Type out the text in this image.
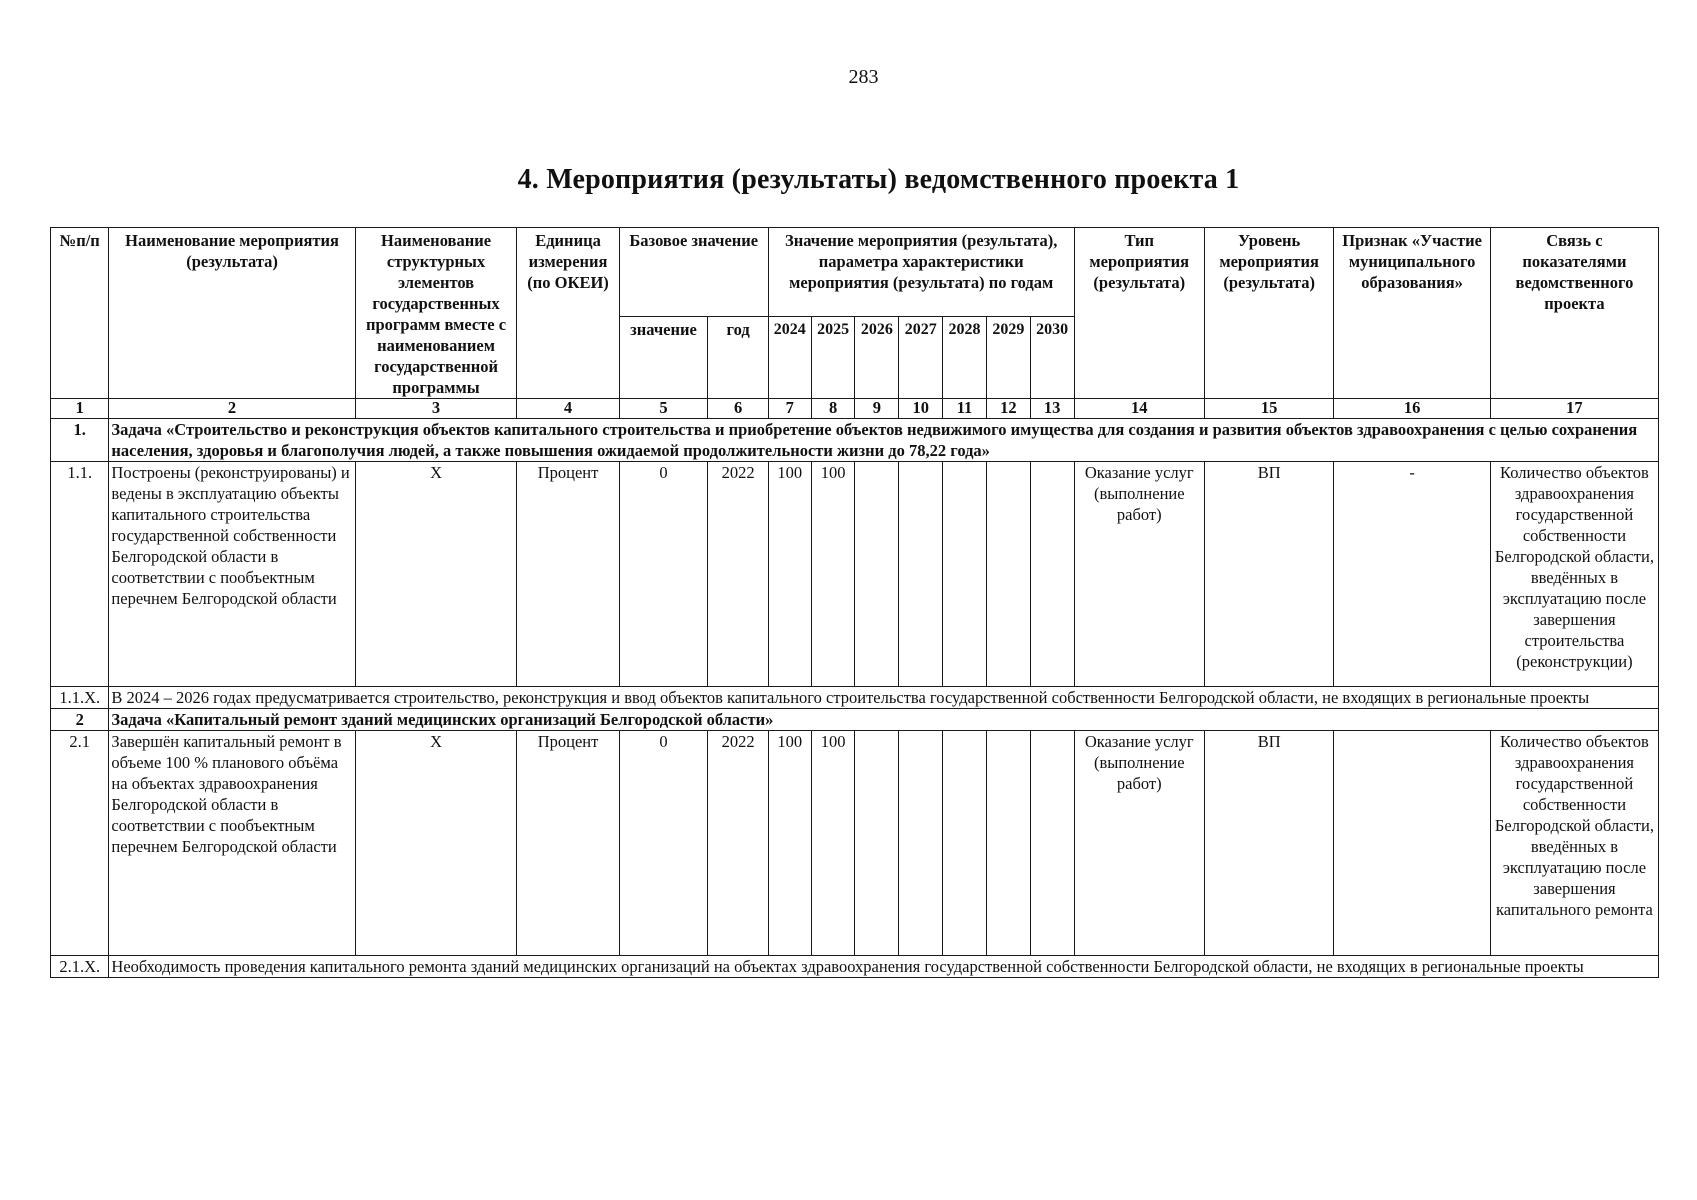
283
4. Мероприятия (результаты) ведомственного проекта 1
№п/п	Наименование мероприятия (результата)	Наименование структурных элементов государственных программ вместе с наименованием государственной программы	Единица измерения (по ОКЕИ)	Базовое значение		Значение мероприятия (результата), параметра характеристики мероприятия (результата) по годам							Тип мероприятия (результата)	Уровень мероприятия (результата)	Признак «Участие муниципального образования»	Связь с показателями ведомственного проекта
				значение	год	2024	2025	2026	2027	2028	2029	2030				
1	2	3	4	5	6	7	8	9	10	11	12	13	14	15	16	17
1.	Задача «Строительство и реконструкция объектов капитального строительства и приобретение объектов недвижимого имущества для создания и развития объектов здравоохранения с целью сохранения населения, здоровья и благополучия людей, а также повышения ожидаемой продолжительности жизни до 78,22 года»															
1.1.	Построены (реконструированы) и ведены в эксплуатацию объекты капитального строительства государственной собственности Белгородской области в соответствии с пообъектным перечнем Белгородской области	X	Процент	0	2022	100	100						Оказание услуг (выполнение работ)	ВП	-	Количество объектов здравоохранения государственной собственности Белгородской области, введённых в эксплуатацию после завершения строительства (реконструкции)
1.1.X.	В 2024 – 2026 годах предусматривается строительство, реконструкция и ввод объектов капитального строительства государственной собственности Белгородской области, не входящих в региональные проекты															
2	Задача «Капитальный ремонт зданий медицинских организаций Белгородской области»															
2.1	Завершён капитальный ремонт в объеме 100 % планового объёма на объектах здравоохранения Белгородской области в соответствии с пообъектным перечнем Белгородской области	X	Процент	0	2022	100	100						Оказание услуг (выполнение работ)	ВП		Количество объектов здравоохранения государственной собственности Белгородской области, введённых в эксплуатацию после завершения капитального ремонта
2.1.X.	Необходимость проведения капитального ремонта зданий медицинских организаций на объектах здравоохранения государственной собственности Белгородской области, не входящих в региональные проекты															
